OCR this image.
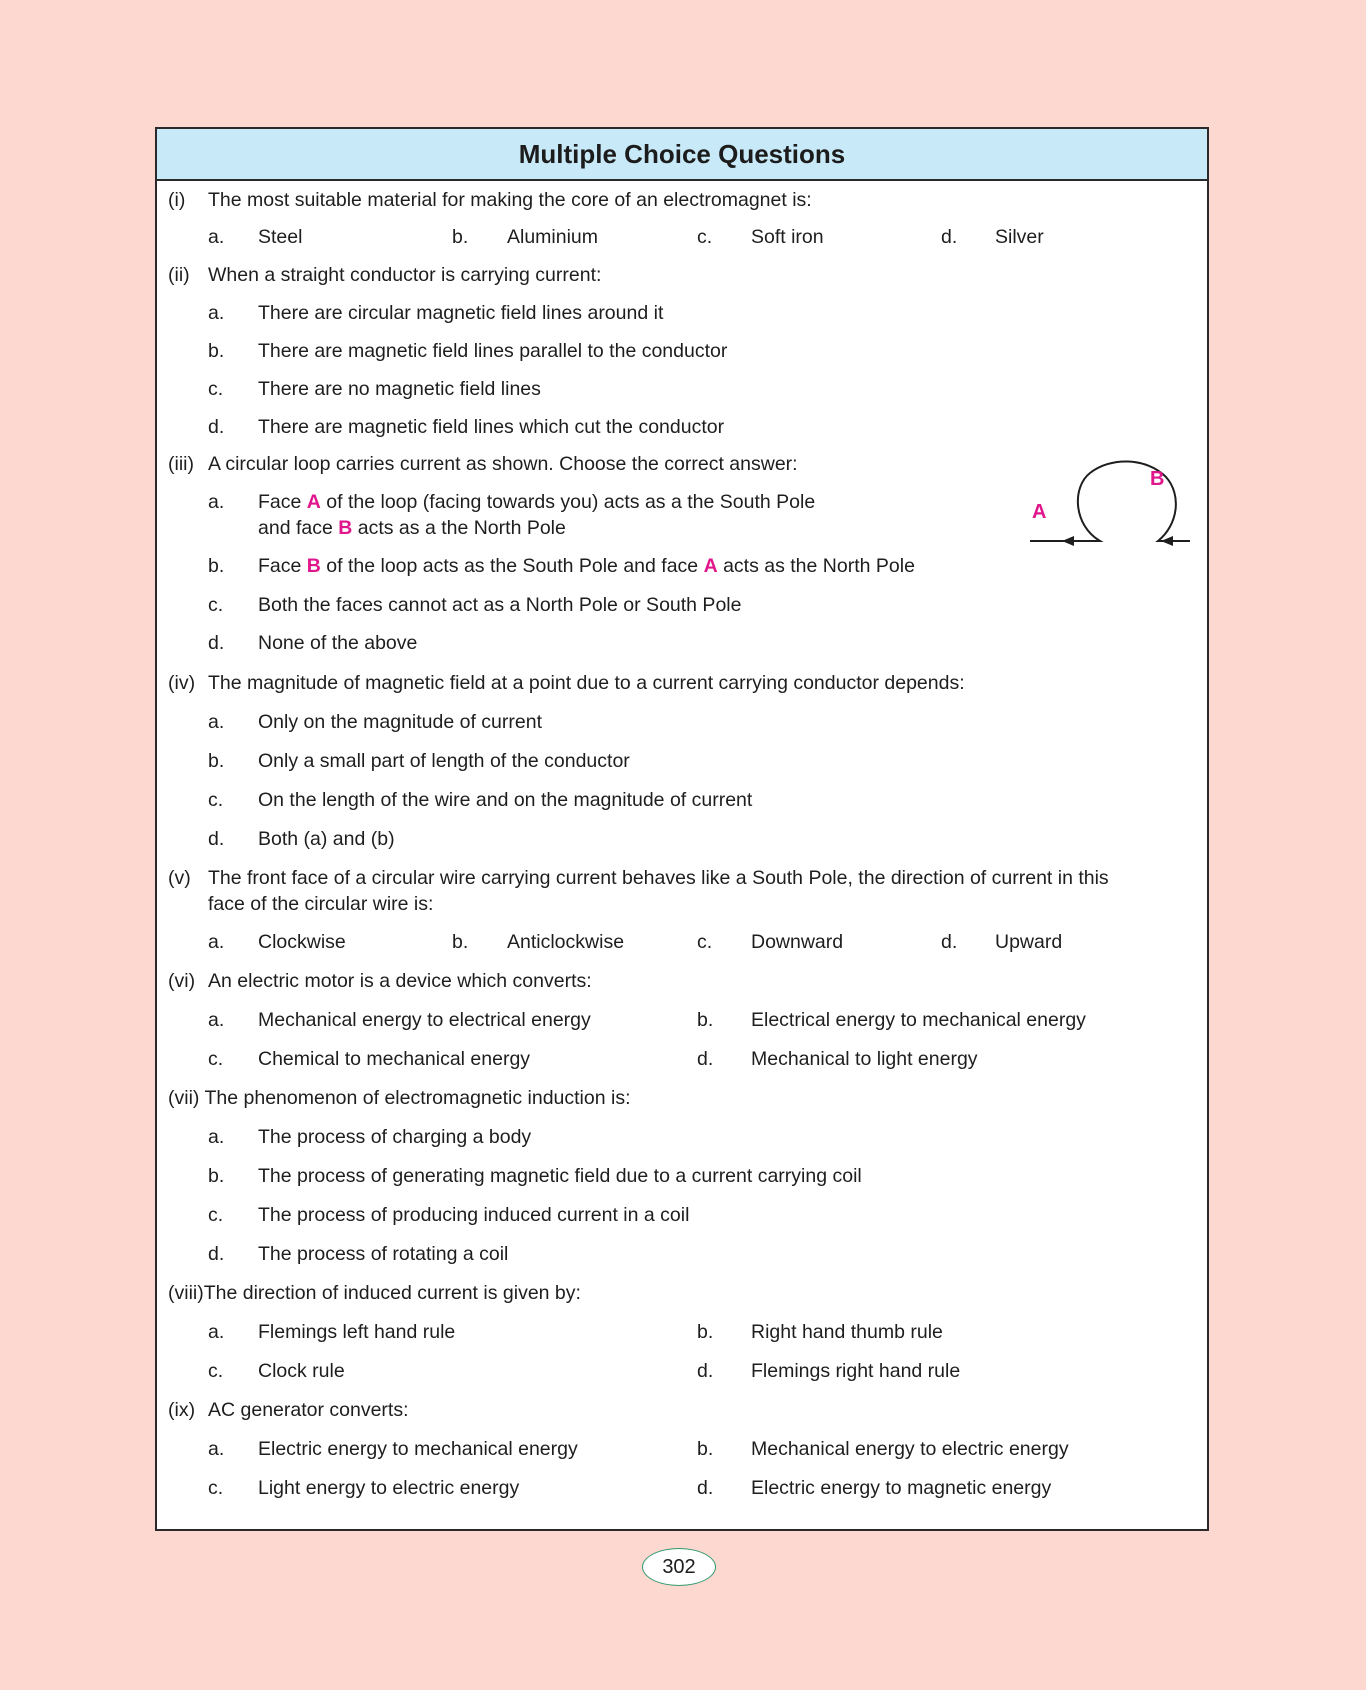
Multiple Choice Questions
(i) The most suitable material for making the core of an electromagnet is:
a. Steel	b. Aluminium	c. Soft iron	d. Silver
(ii) When a straight conductor is carrying current:
a. There are circular magnetic field lines around it
b. There are magnetic field lines parallel to the conductor
c. There are no magnetic field lines
d. There are magnetic field lines which cut the conductor
(iii) A circular loop carries current as shown. Choose the correct answer:
a. Face A of the loop (facing towards you) acts as a the South Pole
and face B acts as a the North Pole
b. Face B of the loop acts as the South Pole and face A acts as the North Pole
c. Both the faces cannot act as a North Pole or South Pole
d. None of the above
(iv) The magnitude of magnetic field at a point due to a current carrying conductor depends:
a. Only on the magnitude of current
b. Only a small part of length of the conductor
c. On the length of the wire and on the magnitude of current
d. Both (a) and (b)
(v) The front face of a circular wire carrying current behaves like a South Pole, the direction of current in this
face of the circular wire is:
a. Clockwise	b. Anticlockwise	c. Downward	d. Upward
(vi) An electric motor is a device which converts:
a. Mechanical energy to electrical energy	b. Electrical energy to mechanical energy
c. Chemical to mechanical energy	d. Mechanical to light energy
(vii) The phenomenon of electromagnetic induction is:
a. The process of charging a body
b. The process of generating magnetic field due to a current carrying coil
c. The process of producing induced current in a coil
d. The process of rotating a coil
(viii)The direction of induced current is given by:
a. Flemings left hand rule	b. Right hand thumb rule
c. Clock rule	d. Flemings right hand rule
(ix) AC generator converts:
a. Electric energy to mechanical energy	b. Mechanical energy to electric energy
c. Light energy to electric energy	d. Electric energy to magnetic energy
A
B
302
